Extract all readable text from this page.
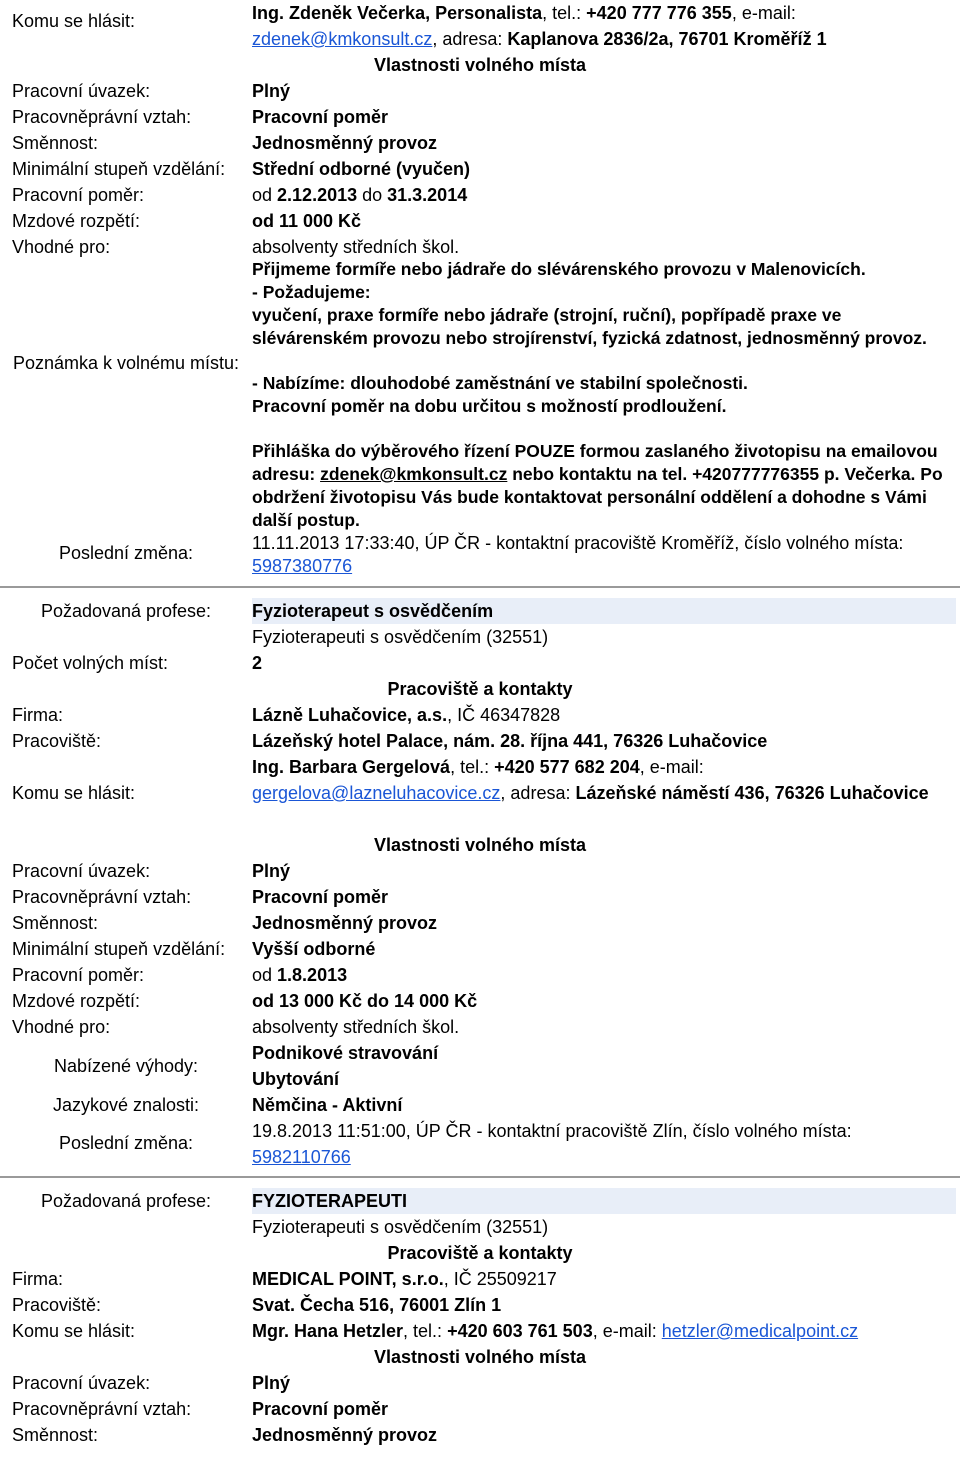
Komu se hlásit:	Ing. Zdeněk Večerka, Personalista, tel.: +420 777 776 355, e-mail: zdenek@kmkonsult.cz, adresa: Kaplanova 2836/2a, 76701 Kroměříž 1
Vlastnosti volného místa
Pracovní úvazek:	Plný
Pracovněprávní vztah:	Pracovní poměr
Směnnost:	Jednosměnný provoz
Minimální stupeň vzdělání:	Střední odborné (vyučen)
Pracovní poměr:	od 2.12.2013 do 31.3.2014
Mzdové rozpětí:	od 11 000 Kč
Vhodné pro:	absolventy středních škol.
Poznámka k volnému místu:
Přijmeme formíře nebo jádraře do slévárenského provozu v Malenovicích.
- Požadujeme:
vyučení, praxe formíře nebo jádraře (strojní, ruční), popřípadě praxe ve slévárenském provozu nebo strojírenství, fyzická zdatnost, jednosměnný provoz.
- Nabízíme: dlouhodobé zaměstnání ve stabilní společnosti.
Pracovní poměr na dobu určitou s možností prodloužení.
Přihláška do výběrového řízení POUZE formou zaslaného životopisu na emailovou adresu: zdenek@kmkonsult.cz nebo kontaktu na tel. +420777776355 p. Večerka. Po obdržení životopisu Vás bude kontaktovat personální oddělení a dohodne s Vámi další postup.
Poslední změna:	11.11.2013 17:33:40, ÚP ČR - kontaktní pracoviště Kroměříž, číslo volného místa: 5987380776
Požadovaná profese:	Fyzioterapeut s osvědčením
Fyzioterapeuti s osvědčením (32551)
Počet volných míst:	2
Pracoviště a kontakty
Firma:	Lázně Luhačovice, a.s., IČ 46347828
Pracoviště:	Lázeňský hotel Palace, nám. 28. října 441, 76326 Luhačovice
Komu se hlásit:
Ing. Barbara Gergelová, tel.: +420 577 682 204, e-mail: gergelova@lazneluhacovice.cz, adresa: Lázeňské náměstí 436, 76326 Luhačovice
Vlastnosti volného místa
Pracovní úvazek:	Plný
Pracovněprávní vztah:	Pracovní poměr
Směnnost:	Jednosměnný provoz
Minimální stupeň vzdělání:	Vyšší odborné
Pracovní poměr:	od 1.8.2013
Mzdové rozpětí:	od 13 000 Kč do 14 000 Kč
Vhodné pro:	absolventy středních škol.
Nabízené výhody:
Podnikové stravování
Ubytování
Jazykové znalosti:	Němčina - Aktivní
Poslední změna:
19.8.2013 11:51:00, ÚP ČR - kontaktní pracoviště Zlín, číslo volného místa: 5982110766
Požadovaná profese:	FYZIOTERAPEUTI
Fyzioterapeuti s osvědčením (32551)
Pracoviště a kontakty
Firma:	MEDICAL POINT, s.r.o., IČ 25509217
Pracoviště:	Svat. Čecha 516, 76001 Zlín 1
Komu se hlásit:	Mgr. Hana Hetzler, tel.: +420 603 761 503, e-mail: hetzler@medicalpoint.cz
Vlastnosti volného místa
Pracovní úvazek:	Plný
Pracovněprávní vztah:	Pracovní poměr
Směnnost:	Jednosměnný provoz
